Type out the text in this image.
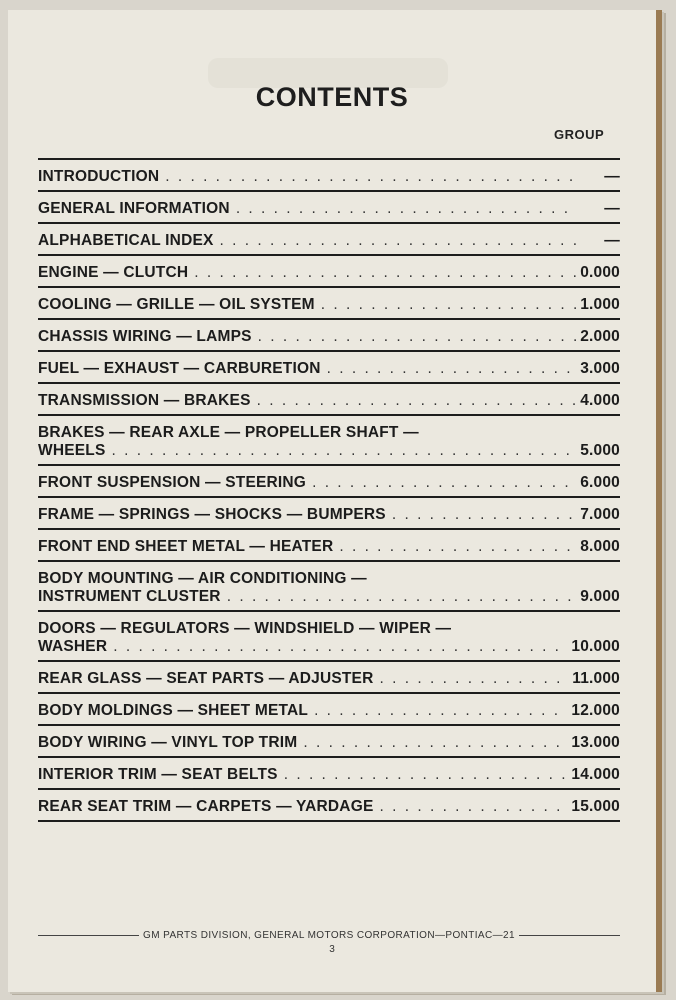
CONTENTS
GROUP
INTRODUCTION . . .	—
GENERAL INFORMATION . . .	—
ALPHABETICAL INDEX . . .	—
ENGINE — CLUTCH . . .	0.000
COOLING — GRILLE — OIL SYSTEM . . .	1.000
CHASSIS WIRING — LAMPS . . .	2.000
FUEL — EXHAUST — CARBURETION . . .	3.000
TRANSMISSION — BRAKES . . .	4.000
BRAKES — REAR AXLE — PROPELLER SHAFT —
WHEELS . . .	5.000
FRONT SUSPENSION — STEERING . . .	6.000
FRAME — SPRINGS — SHOCKS — BUMPERS . . .	7.000
FRONT END SHEET METAL — HEATER . . .	8.000
BODY MOUNTING — AIR CONDITIONING —
INSTRUMENT CLUSTER . . .	9.000
DOORS — REGULATORS — WINDSHIELD — WIPER —
WASHER . . .	10.000
REAR GLASS — SEAT PARTS — ADJUSTER . . .	11.000
BODY MOLDINGS — SHEET METAL . . .	12.000
BODY WIRING — VINYL TOP TRIM . . .	13.000
INTERIOR TRIM — SEAT BELTS . . .	14.000
REAR SEAT TRIM — CARPETS — YARDAGE . . .	15.000
GM PARTS DIVISION, GENERAL MOTORS CORPORATION—PONTIAC—21
3
